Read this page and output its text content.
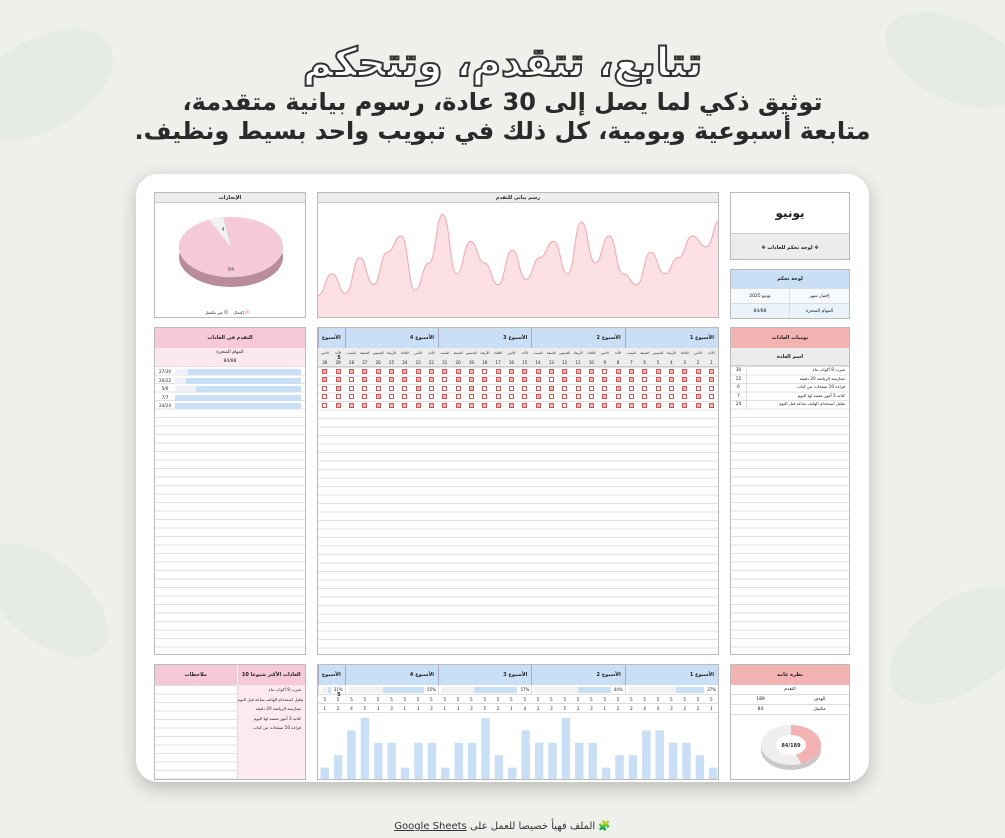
تتابع، تتقدم، وتتحكم

توثيق ذكي لما يصل إلى 30 عادة، رسوم بيانية متقدمة،

متابعة أسبوعية ويومية، كل ذلك في تبويب واحد بسيط ونظيف.

يونيو
✥ لوحة تحكم للعادات ✥
لوحة تحكم
إختيار شهر
يونيو 2025
المهام المنجزة
84/88
الإنجازات
84
4
إكتمال  غير مكتمل
رسم بياني للتقدم
يوميات العادات
اسم العادة
شرب 8 أكواب ماء
30
ممارسة الرياضة 20 دقيقة
22
قراءة 10 صفحات من كتاب
6
كتابة 3 أمور ممتنة لها اليوم
7
تقليل استخدام الهاتف ساعة قبل النوم
24
التقدم في العادات
المهام المنجزة
84/88
27/30
20/22
5/6
7/7
24/24
الأسبوع 1
الأسبوع 2
الأسبوع 3
الأسبوع 4
الأسبوع 5
الأحد
الاثنين
الثلاثاء
الأربعاء
الخميس
الجمعة
السبت
الأحد
الاثنين
الثلاثاء
الأربعاء
الخميس
الجمعة
السبت
الأحد
الاثنين
الثلاثاء
الأربعاء
الخميس
الجمعة
السبت
الأحد
الاثنين
الثلاثاء
الأربعاء
الخميس
الجمعة
السبت
الأحد
الاثنين
1
2
3
4
5
6
7
8
9
10
11
12
13
14
15
16
17
18
19
20
21
22
23
24
25
26
27
28
29
30
نظرة عامة
التقدم
الهدف
189
مكتمل
84
84/189
10 العادات الأكثر شيوعا
ملاحظات
شرب 8 أكواب ماء
تقليل استخدام الهاتف ساعة قبل النوم
ممارسة الرياضة 20 دقيقة
كتابة 3 أمور ممتنة لها اليوم
قراءة 10 صفحات من كتاب
الأسبوع 1
الأسبوع 2
الأسبوع 3
الأسبوع 4
الأسبوع 5
37%
44%
57%
55%
31%
5
5
5
5
5
5
5
5
5
5
5
5
5
5
5
5
5
5
5
5
5
5
5
5
5
5
5
5
5
5
1
2
3
3
4
4
2
2
1
3
3
5
3
3
4
1
2
5
3
3
1
3
3
1
3
3
5
4
2
1
🧩 الملف فهيأ خصيصا للعمل على Google Sheets
